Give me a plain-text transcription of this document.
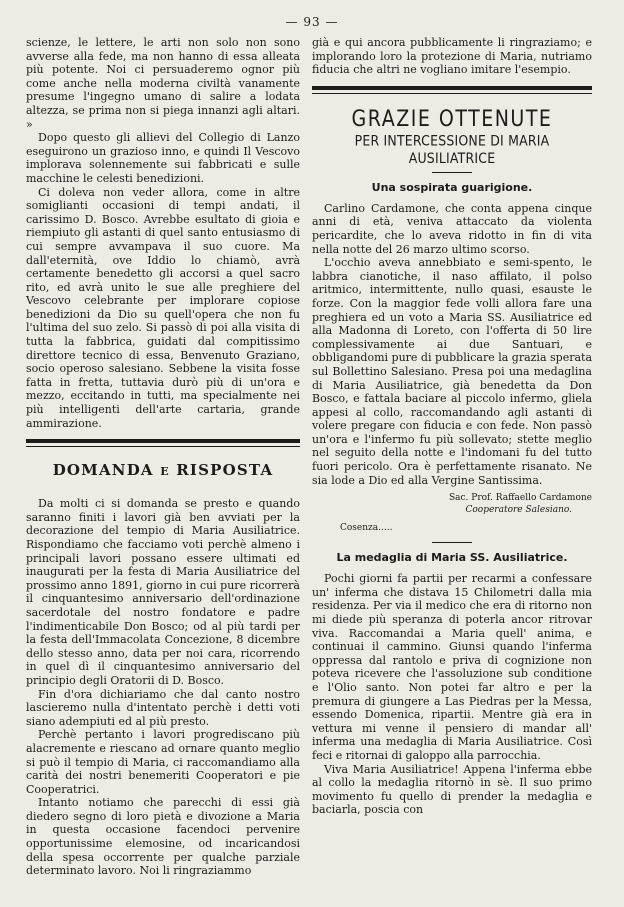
— 93 —

scienze, le lettere, le arti non solo non sono avverse alla fede, ma non hanno di essa alleata più potente. Noi ci persuaderemo ognor più come anche nella moderna civiltà vanamente presume l'ingegno umano di salire a lodata altezza, se prima non si piega innanzi agli altari. »

Dopo questo gli allievi del Collegio di Lanzo eseguirono un grazioso inno, e quindi Il Vescovo implorava solennemente sui fabbricati e sulle macchine le celesti benedizioni.

Ci doleva non veder allora, come in altre somiglianti occasioni di tempi andati, il carissimo D. Bosco. Avrebbe esultato di gioia e riempiuto gli astanti di quel santo entusiasmo di cui sempre avvampava il suo cuore. Ma dall'eternità, ove Iddio lo chiamò, avrà certamente benedetto gli accorsi a quel sacro rito, ed avrà unito le sue alle preghiere del Vescovo celebrante per implorare copiose benedizioni da Dio su quell'opera che non fu l'ultima del suo zelo. Si passò di poi alla visita di tutta la fabbrica, guidati dal compitissimo direttore tecnico di essa, Benvenuto Graziano, socio operoso salesiano. Sebbene la visita fosse fatta in fretta, tuttavia durò più di un'ora e mezzo, eccitando in tutti, ma specialmente nei più intelligenti dell'arte cartaria, grande ammirazione.

DOMANDA E RISPOSTA

Da molti ci si domanda se presto e quando saranno finiti i lavori già ben avviati per la decorazione del tempio di Maria Ausiliatrice. Rispondiamo che facciamo voti perchè almeno i principali lavori possano essere ultimati ed inaugurati per la festa di Maria Ausiliatrice del prossimo anno 1891, giorno in cui pure ricorrerà il cinquantesimo anniversario dell'ordinazione sacerdotale del nostro fondatore e padre l'indimenticabile Don Bosco; od al più tardi per la festa dell'Immacolata Concezione, 8 dicembre dello stesso anno, data per noi cara, ricorrendo in quel dì il cinquantesimo anniversario del principio degli Oratorii di D. Bosco.

Fin d'ora dichiariamo che dal canto nostro lascieremo nulla d'intentato perchè i detti voti siano adempiuti ed al più presto.

Perchè pertanto i lavori progrediscano più alacremente e riescano ad ornare quanto meglio si può il tempio di Maria, ci raccomandiamo alla carità dei nostri benemeriti Cooperatori e pie Cooperatrici.

Intanto notiamo che parecchi di essi già diedero segno di loro pietà e divozione a Maria in questa occasione facendoci pervenire opportunissime elemosine, od incaricandosi della spesa occorrente per qualche parziale determinato lavoro. Noi li ringraziammo

già e qui ancora pubblicamente li ringraziamo; e implorando loro la protezione di Maria, nutriamo fiducia che altri ne vogliano imitare l'esempio.

GRAZIE OTTENUTE
PER INTERCESSIONE DI MARIA AUSILIATRICE
Una sospirata guarigione.

Carlino Cardamone, che conta appena cinque anni di età, veniva attaccato da violenta pericardite, che lo aveva ridotto in fin di vita nella notte del 26 marzo ultimo scorso.

L'occhio aveva annebbiato e semi-spento, le labbra cianotiche, il naso affilato, il polso aritmico, intermittente, nullo quasi, esauste le forze. Con la maggior fede volli allora fare una preghiera ed un voto a Maria SS. Ausiliatrice ed alla Madonna di Loreto, con l'offerta di 50 lire complessivamente ai due Santuari, e obbligandomi pure di pubblicare la grazia sperata sul Bollettino Salesiano. Presa poi una medaglina di Maria Ausiliatrice, già benedetta da Don Bosco, e fattala baciare al piccolo infermo, gliela appesi al collo, raccomandando agli astanti di volere pregare con fiducia e con fede. Non passò un'ora e l'infermo fu più sollevato; stette meglio nel seguito della notte e l'indomani fu del tutto fuori pericolo. Ora è perfettamente risanato. Ne sia lode a Dio ed alla Vergine Santissima.

Sac. Prof. Raffaello Cardamone
Cooperatore Salesiano.
Cosenza.....
La medaglia di Maria SS. Ausiliatrice.

Pochi giorni fa partii per recarmi a confessare un' inferma che distava 15 Chilometri dalla mia residenza. Per via il medico che era di ritorno non mi diede più speranza di poterla ancor ritrovar viva. Raccomandai a Maria quell' anima, e continuai il cammino. Giunsi quando l'inferma oppressa dal rantolo e priva di cognizione non poteva ricevere che l'assoluzione sub conditione e l'Olio santo. Non potei far altro e per la premura di giungere a Las Piedras per la Messa, essendo Domenica, ripartii. Mentre già era in vettura mi venne il pensiero di mandar all' inferma una medaglia di Maria Ausiliatrice. Così feci e ritornai di galoppo alla parrocchia.

Viva Maria Ausiliatrice! Appena l'inferma ebbe al collo la medaglia ritornò in sè. Il suo primo movimento fu quello di prender la medaglia e baciarla, poscia con
